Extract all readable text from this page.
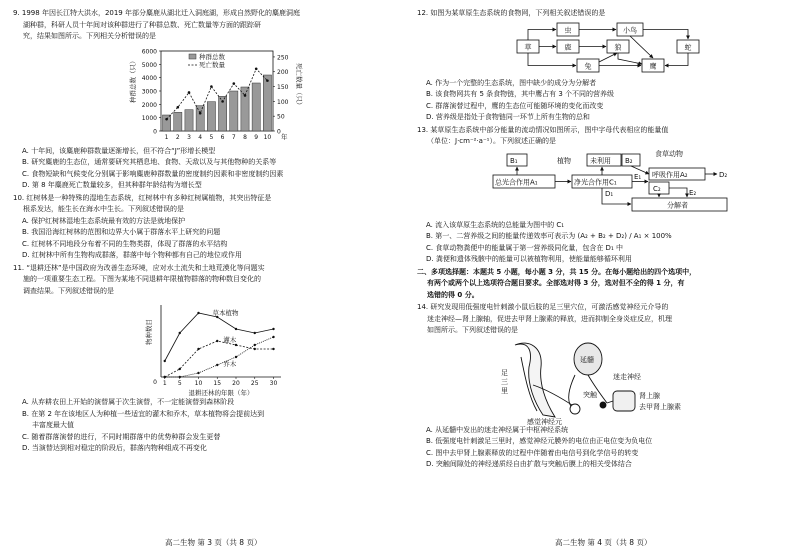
9. 1998 年因长江特大洪水，2019 年部分麋鹿从湖北迁入洞庭湖，形成自然野化的麋鹿洞庭
湖种群，科研人员十年间对该种群进行了种群总数、死亡数量等方面的跟踪研
究，结果如图所示。下列相关分析错误的是
0
1000
2000
3000
4000
5000
6000
0
50
100
150
200
250
1 2 3 4 5 6 7 8 9 10 年
种群总数（只）	死亡数量（只）
种群总数
死亡数量
A. 十年间，该麋鹿种群数量逐渐增长，但不符合“J”形增长模型
B. 研究麋鹿的生态位，通常要研究其栖息地、食物、天敌以及与其他物种的关系等
C. 食物短缺和气候变化分别属于影响麋鹿种群数量的密度制约因素和非密度制约因素
D. 第 8 年麋鹿死亡数量较多，但其种群年龄结构为增长型
10. 红树林是一种特殊的湿地生态系统，红树林中有多种红树属植物，其突出特征是
根系发达，能生长在海水中生长。下列叙述错误的是
A. 保护红树林湿地生态系统最有效的方法是就地保护
B. 我国沿海红树林的范围和边界大小属于群落水平上研究的问题
C. 红树林不同地段分布着不同的生物类群，体现了群落的水平结构
D. 红树林中所有生物构成群落，群落中每个物种都有自己的地位或作用
11. “退耕还林”是中国政府为改善生态环境，应对水土流失和土地荒漠化等问题实
施的一项重要生态工程。下图为某地不同退耕年限植物群落的物种数目变化的
调查结果。下列叙述错误的是
0 1 5 10 15 20 25 30
草本植物
灌木
乔木
物种数目
退耕还林的年限（年）
A. 从弃耕农田上开始的演替属于次生演替，不一定能演替到森林阶段
B. 在第 2 年在该地区人为种植一些适宜的灌木和乔木，草本植物将会提前达到
丰富度最大值
C. 随着群落演替的进行，不同时期群落中的优势种群会发生更替
D. 当演替达到相对稳定的阶段后，群落内物种组成不再变化
高二生物 第 3 页（共 8 页）
12. 如图为某草原生态系统的食物网，下列相关叙述错误的是
草	鹿	狼	蛇
虫	小鸟
兔	鹰
A. 作为一个完整的生态系统，图中缺少的成分为分解者
B. 该食物网共有 5 条食物链，其中鹰占有 3 个不同的营养级
C. 群落演替过程中，鹰的生态位可能随环境的变化而改变
D. 营养级是指处于食物链同一环节上所有生物的总和
13. 某草原生态系统中部分能量的流动情况如图所示，图中字母代表相应的能量值
（单位：J·cm⁻²·a⁻¹）。下列叙述正确的是
B₁	B₂
植物
食草动物
未利用
总光合作用A₁	净光合作用C₁
呼吸作用A₂
C₂
D₂
D₁
E₁
E₂
分解者
A. 流入该草原生态系统的总能量为图中的 C₁
B. 第一、二营养级之间的能量传递效率可表示为 (A₂ + B₂ + D₂) / A₁ × 100%
C. 食草动物粪便中的能量属于第一营养级同化量，包含在 D₁ 中
D. 粪便和遗体残骸中的能量可以被植物利用，使能量能够循环利用
二、多项选择题：本题共 5 小题，每小题 3 分，共 15 分。在每小题给出的四个选项中，
有两个或两个以上选项符合题目要求。全部选对得 3 分，选对但不全的得 1 分，有
选错的得 0 分。
14. 研究发现用低强度电针刺激小鼠后肢的足三里穴位，可激活感觉神经元介导的
迷走神经—肾上腺轴，促进去甲肾上腺素的释放，进而抑制全身炎症反应，机理
如图所示。下列叙述错误的是
延髓
迷走神经
肾上腺
去甲肾上腺素
突触
感觉神经元
足三里
A. 从延髓中发出的迷走神经属于中枢神经系统
B. 低强度电针刺激足三里时，感觉神经元膜外的电位由正电位变为负电位
C. 图中去甲肾上腺素释放的过程中伴随着由电信号到化学信号的转变
D. 突触间隙处的神经递质经自由扩散与突触后膜上的相关受体结合
高二生物 第 4 页（共 8 页）
